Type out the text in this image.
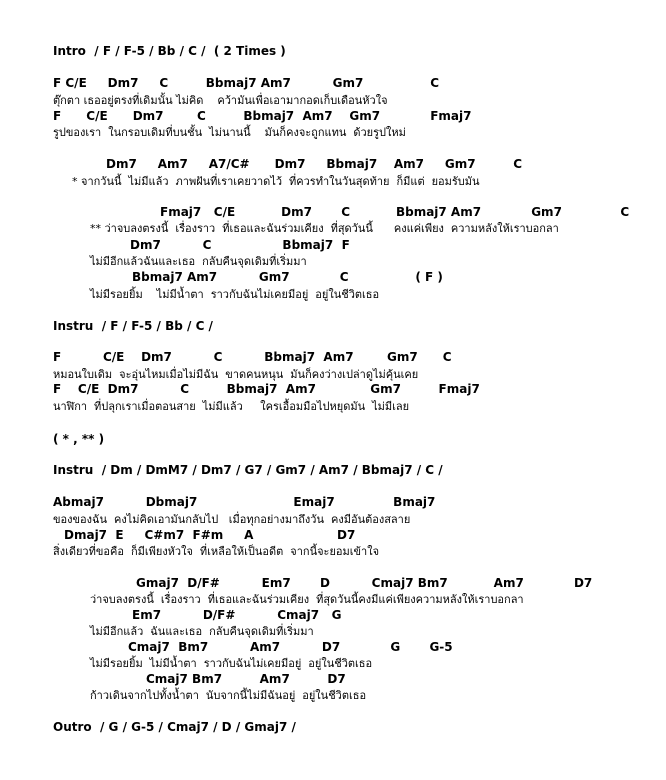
Intro  / F / F-5 / Bb / C /  ( 2 Times )
F C/E     Dm7     C         Bbmaj7 Am7          Gm7                C
ตุ๊กตา เธออยู่ตรงที่เดิมนั้น ไม่คิด    คว้ามันเพื่อเอามากอดเก็บเดือนหัวใจ
F      C/E      Dm7        C         Bbmaj7  Am7    Gm7            Fmaj7
รูปของเรา  ในกรอบเดิมที่บนชั้น  ไม่นานนี้    มันก็คงจะถูกแทน  ด้วยรูปใหม่
Dm7     Am7     A7/C#      Dm7     Bbmaj7    Am7     Gm7         C
* จากวันนี้  ไม่มีแล้ว  ภาพฝันที่เราเคยวาดไว้  ที่ควรทำในวันสุดท้าย  ก็มีแต่  ยอมรับมัน
Fmaj7   C/E           Dm7       C           Bbmaj7 Am7            Gm7              C
** ว่าจบลงตรงนี้  เรื่องราว  ที่เธอและฉันร่วมเคียง  ที่สุดวันนี้      คงแค่เพียง  ความหลังให้เราบอกลา
Dm7          C                 Bbmaj7  F
ไม่มีอีกแล้วฉันและเธอ  กลับคืนจุดเดิมที่เริ่มมา
Bbmaj7 Am7          Gm7            C                ( F )
ไม่มีรอยยิ้ม    ไม่มีน้ำตา  ราวกับฉันไม่เคยมีอยู่  อยู่ในชีวิตเธอ
Instru  / F / F-5 / Bb / C /
F          C/E    Dm7          C          Bbmaj7  Am7        Gm7      C
หมอนใบเดิม  จะอุ่นไหมเมื่อไม่มีฉัน  ขาดคนหนุน  มันก็คงว่างเปล่าดูไม่คุ้นเคย
F    C/E  Dm7          C         Bbmaj7  Am7             Gm7         Fmaj7
นาฬิกา  ที่ปลุกเราเมื่อตอนสาย  ไม่มีแล้ว     ใครเอื้อมมือไปหยุดมัน  ไม่มีเลย
( * , ** )
Instru  / Dm / DmM7 / Dm7 / G7 / Gm7 / Am7 / Bbmaj7 / C /
Abmaj7          Dbmaj7                       Emaj7              Bmaj7
ของของฉัน  คงไม่คิดเอามันกลับไป   เมื่อทุกอย่างมาถึงวัน  คงมีอันต้องสลาย
Dmaj7  E     C#m7  F#m     A                    D7
สิ่งเดียวที่ขอคือ  ก็มีเพียงหัวใจ  ที่เหลือให้เป็นอดีต  จากนี้จะยอมเข้าใจ
Gmaj7  D/F#          Em7       D          Cmaj7 Bm7           Am7            D7
ว่าจบลงตรงนี้  เรื่องราว  ที่เธอและฉันร่วมเคียง  ที่สุดวันนี้คงมีแค่เพียงความหลังให้เราบอกลา
Em7          D/F#          Cmaj7   G
ไม่มีอีกแล้ว  ฉันและเธอ  กลับคืนจุดเดิมที่เริ่มมา
Cmaj7  Bm7          Am7          D7            G       G-5
ไม่มีรอยยิ้ม  ไม่มีน้ำตา  ราวกับฉันไม่เคยมีอยู่  อยู่ในชีวิตเธอ
Cmaj7 Bm7         Am7         D7
ก้าวเดินจากไปทั้งน้ำตา  นับจากนี้ไม่มีฉันอยู่  อยู่ในชีวิตเธอ
Outro  / G / G-5 / Cmaj7 / D / Gmaj7 /
